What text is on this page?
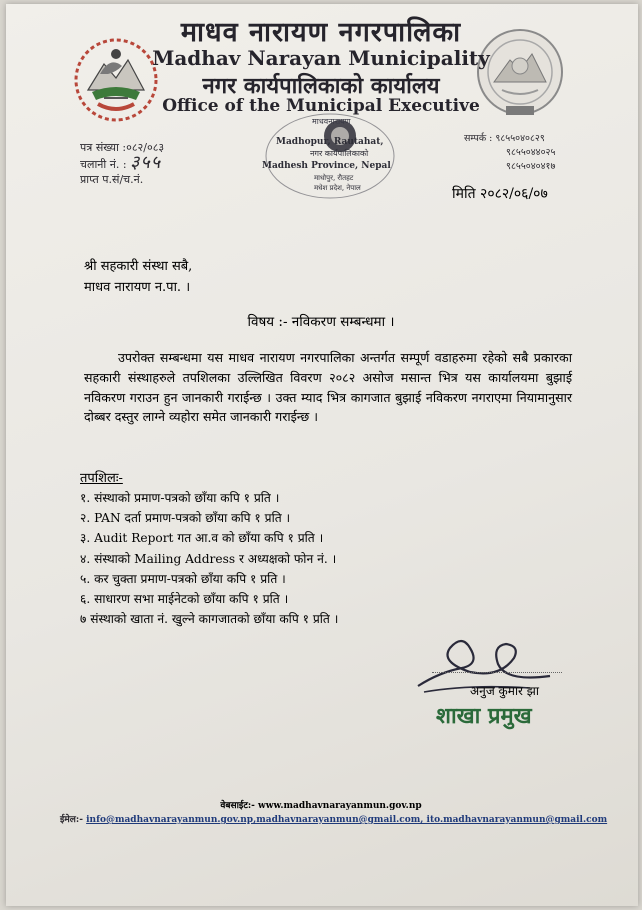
माधव नारायण नगरपालिका
Madhav Narayan Municipality
नगर कार्यपालिकाको कार्यालय
Office of the Municipal Executive
पत्र संख्या :०८२/०८३
चलानी नं. : ३५५
प्राप्त प.सं/च.नं.
माधवनारायण
Madhopur, Rautahat,
नगर कार्यपालिकाको
Madhesh Province, Nepal
माधोपुर, रौतहट
मधेश प्रदेश, नेपाल
सम्पर्क : ९८५५०४०८२९
९८५५०४४०२५
९८५५०४०४१७
मिति २०८२/०६/०७
श्री सहकारी संस्था सबै,
माधव नारायण न.पा. ।
विषय :- नविकरण सम्बन्धमा ।
उपरोक्त सम्बन्धमा यस माधव नारायण नगरपालिका अन्तर्गत सम्पूर्ण वडाहरुमा रहेको सबै प्रकारका सहकारी संस्थाहरुले तपशिलका उल्लिखित विवरण २०८२ असोज मसान्त भित्र यस कार्यालयमा बुझाई नविकरण गराउन हुन जानकारी गराईन्छ । उक्त म्याद भित्र कागजात बुझाई नविकरण नगराएमा नियामानुसार दोब्बर दस्तुर लाग्ने व्यहोरा समेत जानकारी गराईन्छ ।
तपशिलः-
१. संस्थाको प्रमाण-पत्रको छाँया कपि १ प्रति ।
२. PAN दर्ता प्रमाण-पत्रको छाँया कपि १ प्रति ।
३. Audit Report गत आ.व को छाँया कपि १ प्रति ।
४. संस्थाको Mailing Address र अध्यक्षको फोन नं. ।
५. कर चुक्ता प्रमाण-पत्रको छाँया कपि १ प्रति ।
६. साधारण सभा माईनेटको छाँया कपि १ प्रति ।
७ संस्थाको खाता नं. खुल्ने कागजातको छाँया कपि १ प्रति ।
अनुज कुमार झा
शाखा प्रमुख
वेबसाईट:- www.madhavnarayanmun.gov.np
ईमेल:- info@madhavnarayanmun.gov.np,madhavnarayanmun@gmail.com, ito.madhavnarayanmun@gmail.com
